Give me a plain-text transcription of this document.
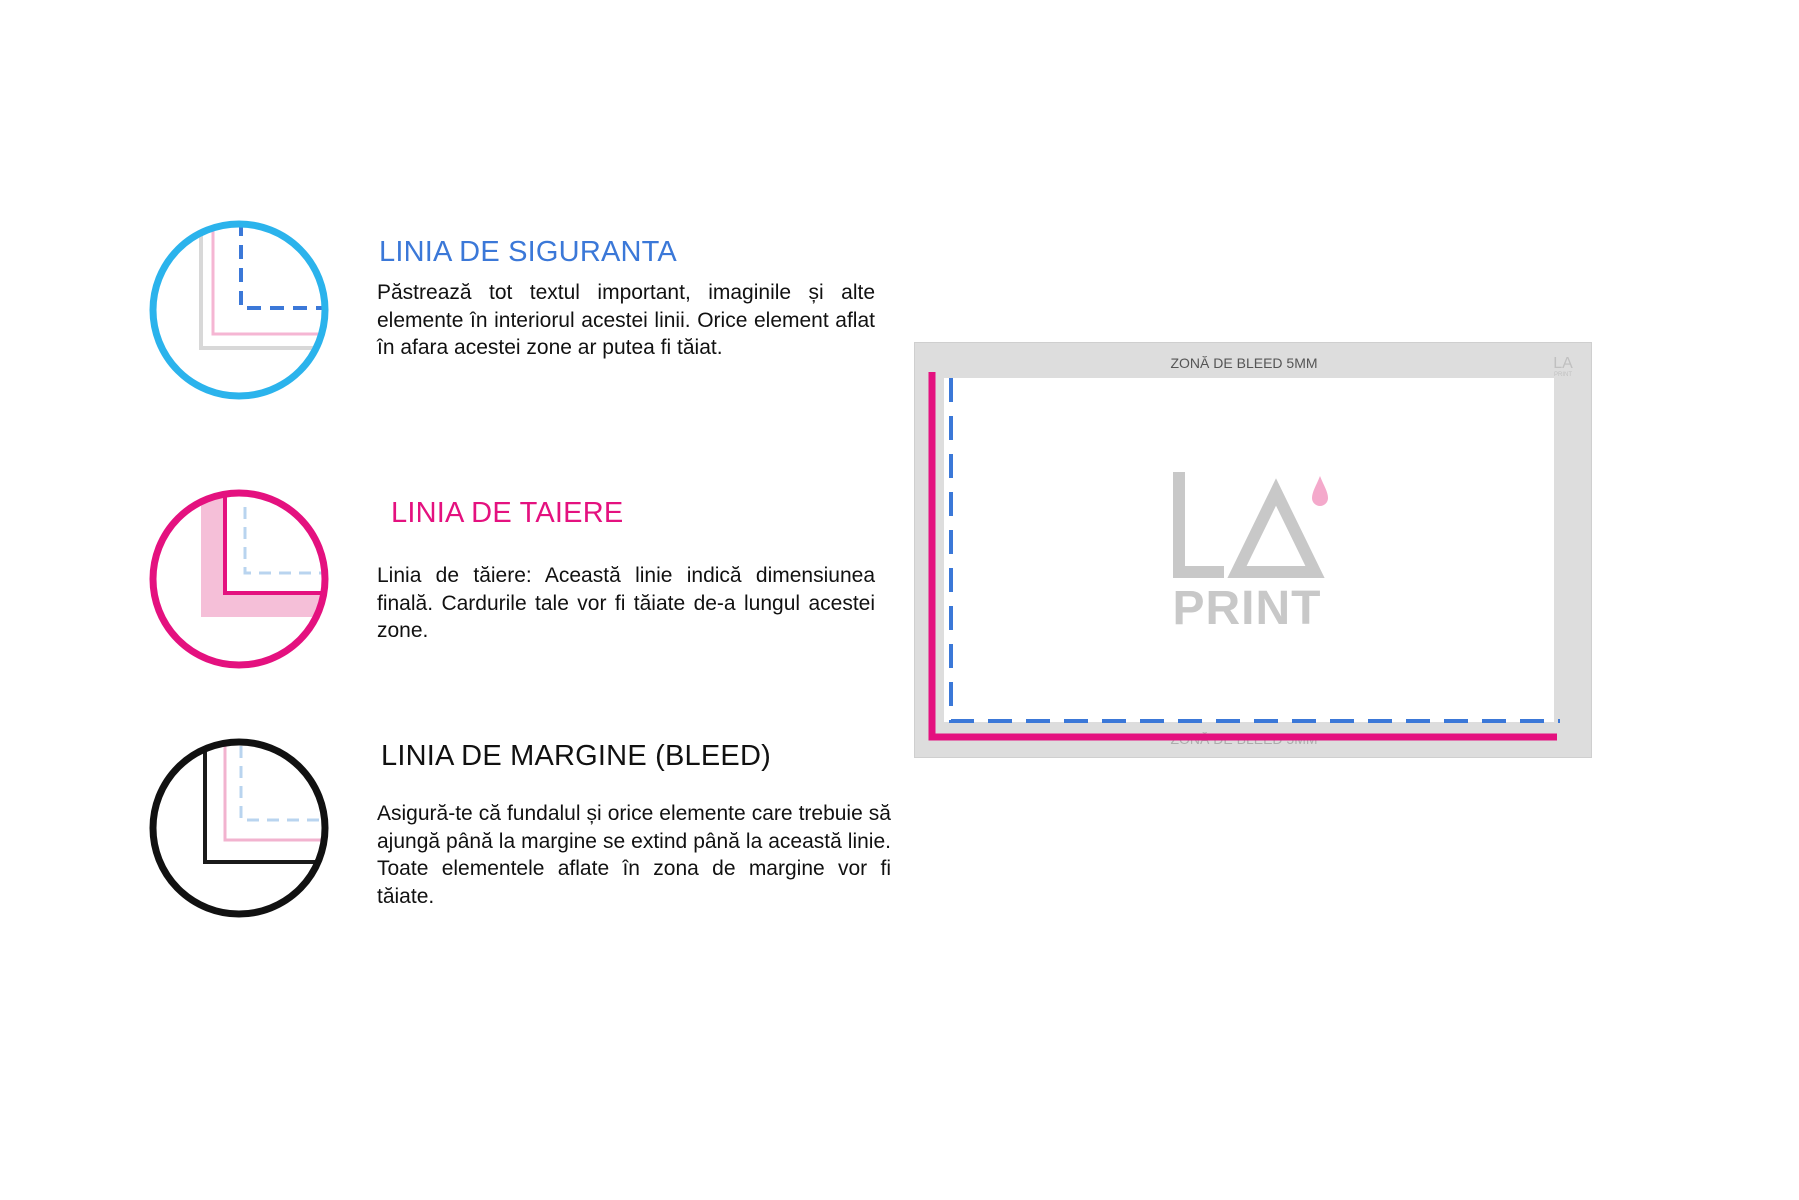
LINIA DE SIGURANTA
Păstrează tot textul important, imaginile și alte elemente în interiorul acestei linii. Orice element aflat în afara acestei zone ar putea fi tăiat.
LINIA DE TAIERE
Linia de tăiere: Această linie indică dimensiunea finală. Cardurile tale vor fi tăiate de-a lungul acestei zone.
LINIA DE MARGINE (BLEED)
Asigură-te că fundalul și orice elemente care trebuie să ajungă până la margine se extind până la această linie. Toate elementele aflate în zona de margine vor fi tăiate.
ZONĂ DE BLEED 5MM
ZONĂ DE BLEED 5MM
LA
PRINT
PRINT
